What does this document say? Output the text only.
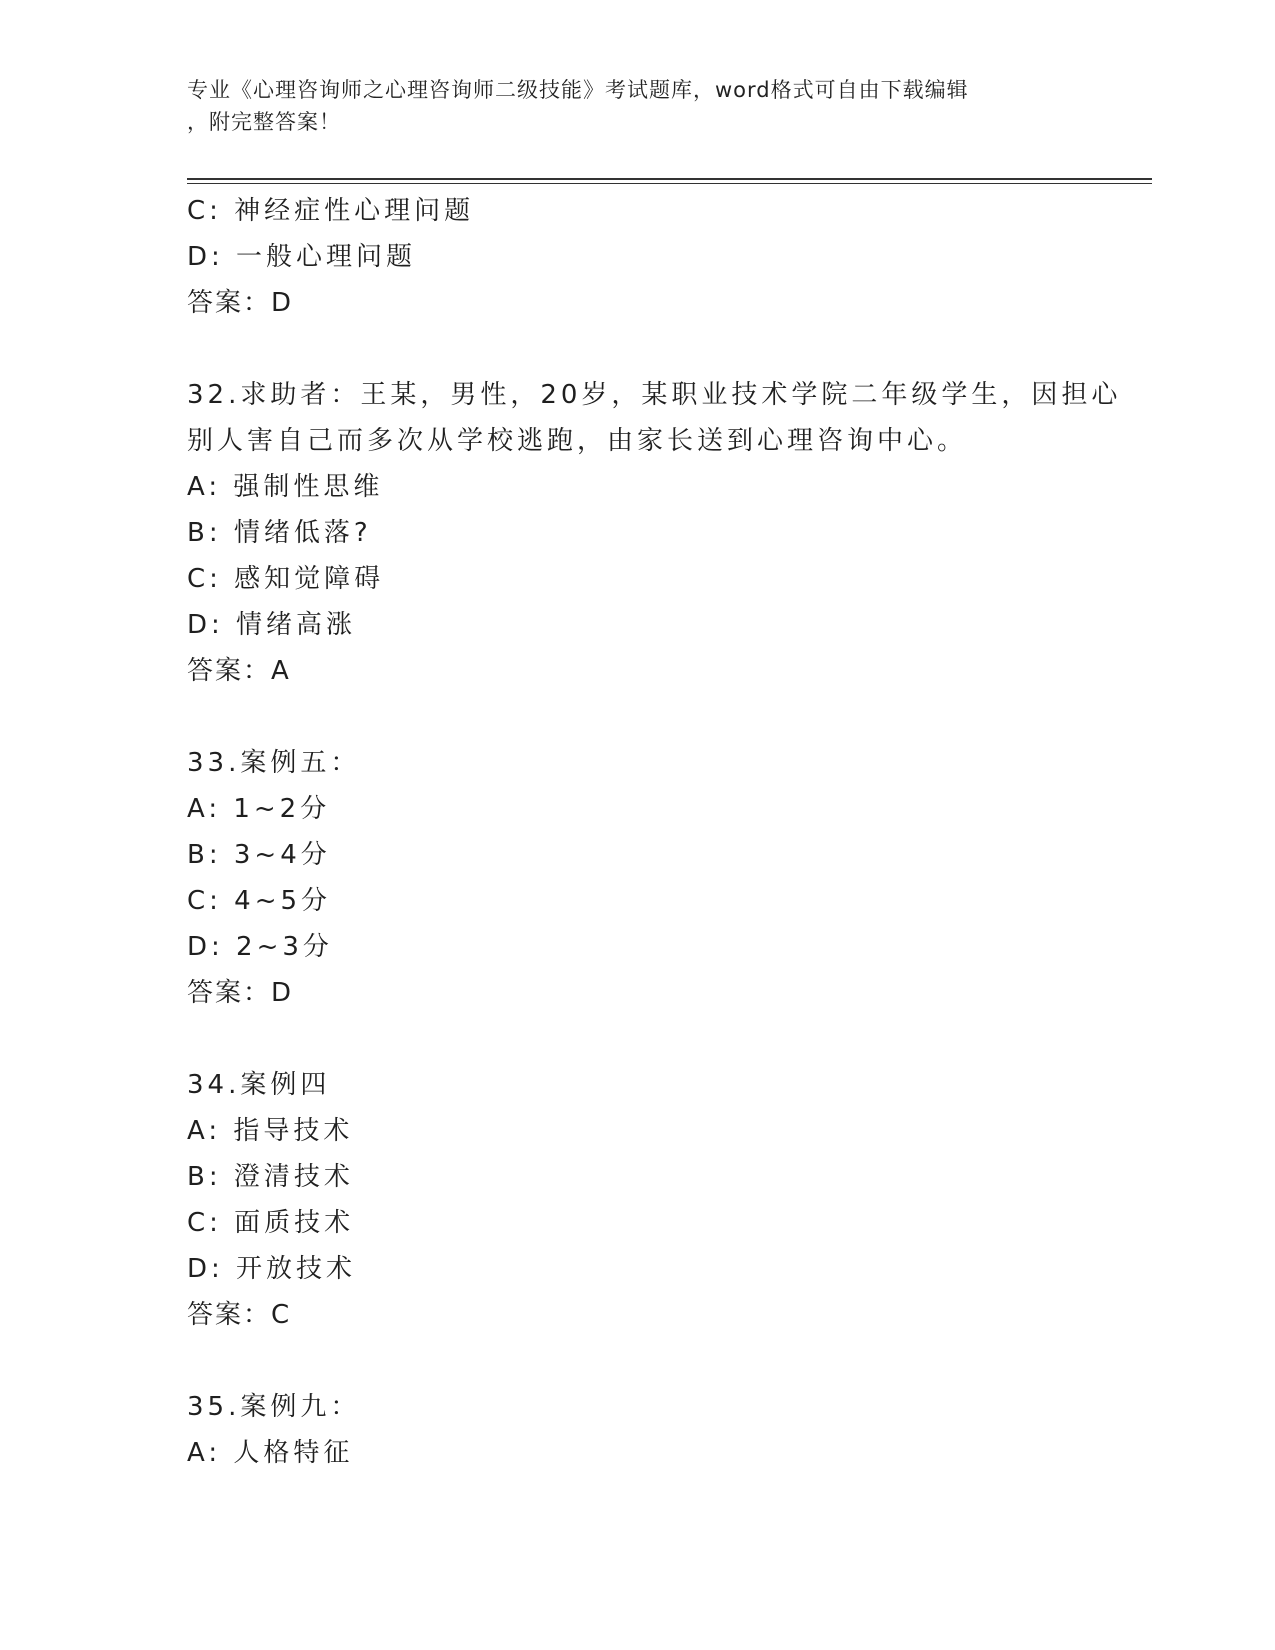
专业《心理咨询师之心理咨询师二级技能》考试题库，word格式可自由下载编辑
，附完整答案！
C: 神经症性心理问题
D: 一般心理问题
答案：D
32.求助者：王某，男性，20岁，某职业技术学院二年级学生，因担心
别人害自己而多次从学校逃跑，由家长送到心理咨询中心。
A: 强制性思维
B: 情绪低落?
C: 感知觉障碍
D: 情绪高涨
答案：A
33.案例五：
A: 1~2分
B: 3~4分
C: 4~5分
D: 2~3分
答案：D
34.案例四
A: 指导技术
B: 澄清技术
C: 面质技术
D: 开放技术
答案：C
35.案例九：
A: 人格特征
